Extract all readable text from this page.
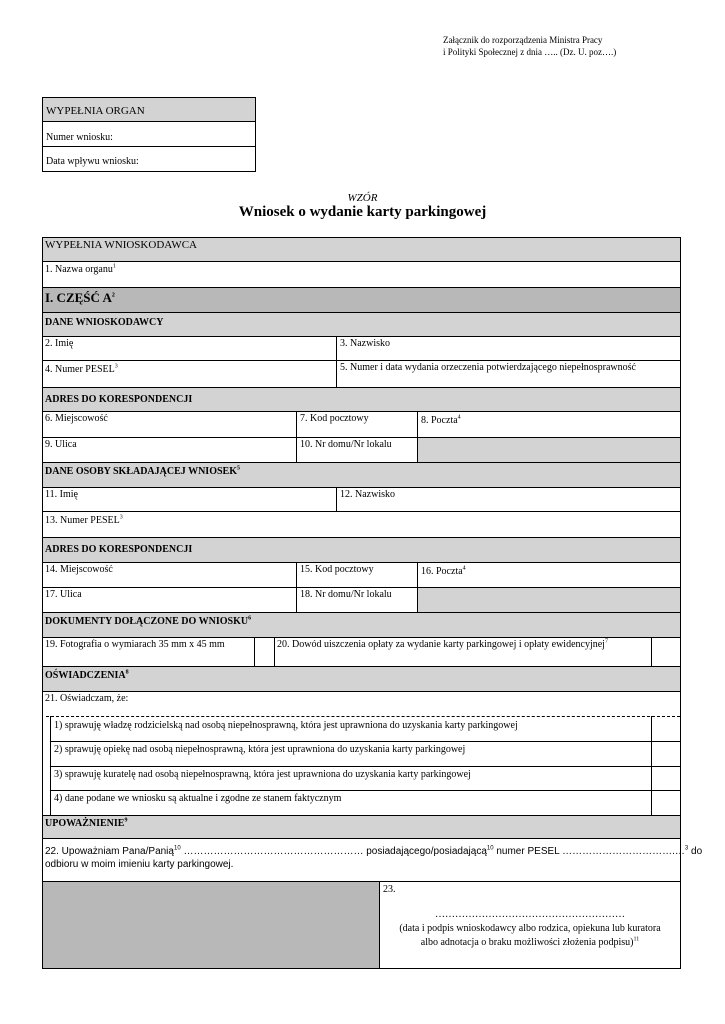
Załącznik do rozporządzenia Ministra Pracy
i Polityki Społecznej z dnia ….. (Dz. U. poz….)
WYPEŁNIA ORGAN
Numer wniosku:
Data wpływu wniosku:
WZÓR
Wniosek o wydanie karty parkingowej
WYPEŁNIA WNIOSKODAWCA
1. Nazwa organu$^1$
I. CZĘŚĆ $A^2$
DANE WNIOSKODAWCY
2. Imię	3. Nazwisko
4. Numer PESEL$^3$	5. Numer i data wydania orzeczenia potwierdzającego niepełnosprawność
ADRES DO KORESPONDENCJI
6. Miejscowość	7. Kod pocztowy	8. Poczta$^4$
9. Ulica	10. Nr domu/Nr lokalu
DANE OSOBY SKŁADAJĄCEJ WNIOSEK$^5$
11. Imię	12. Nazwisko
13. Numer PESEL$^3$
ADRES DO KORESPONDENCJI
14. Miejscowość	15. Kod pocztowy	16. Poczta$^4$
17. Ulica	18. Nr domu/Nr lokalu
DOKUMENTY DOŁĄCZONE DO WNIOSKU$^6$
19. Fotografia o wymiarach 35 mm x 45 mm	20. Dowód uiszczenia opłaty za wydanie karty parkingowej i opłaty ewidencyjnej$^7$
OŚWIADCZENIA$^8$
21. Oświadczam, że:
1) sprawuję władzę rodzicielską nad osobą niepełnosprawną, która jest uprawniona do uzyskania karty parkingowej
2) sprawuję opiekę nad osobą niepełnosprawną, która jest uprawniona do uzyskania karty parkingowej
3) sprawuję kuratelę nad osobą niepełnosprawną, która jest uprawniona do uzyskania karty parkingowej
4) dane podane we wniosku są aktualne i zgodne ze stanem faktycznym
UPOWAŻNIENIE$^9$
22. Upoważniam Pana/Panią$^{10}$ ……………………………………………… posiadającego/posiadającą$^{10}$ numer PESEL …………………………….…$^3$ do
odbioru w moim imieniu karty parkingowej.
23.
…………………………………………………
(data i podpis wnioskodawcy albo rodzica, opiekuna lub kuratora
albo adnotacja o braku możliwości złożenia podpisu)$^{11}$
